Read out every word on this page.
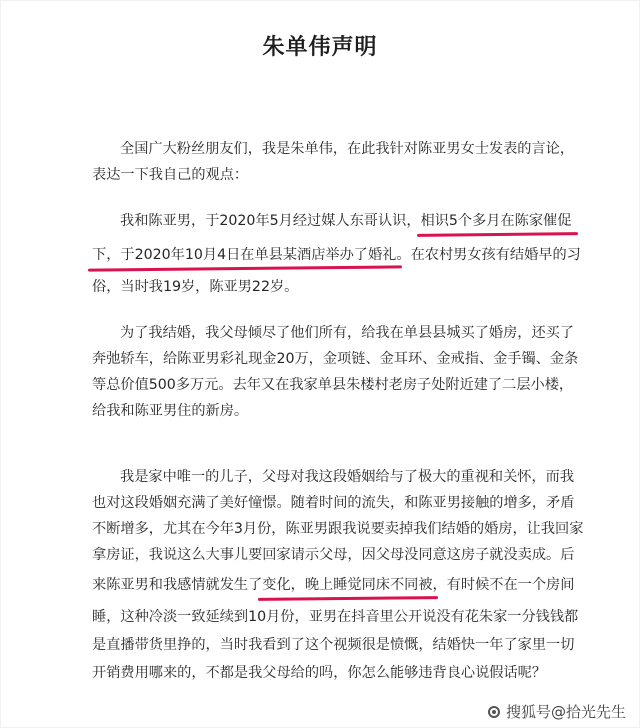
朱单伟声明
全国广大粉丝朋友们，我是朱单伟，在此我针对陈亚男女士发表的言论，
表达一下我自己的观点：
我和陈亚男，于2020年5月经过媒人东哥认识，相识5个多月在陈家催促
下，于2020年10月4日在单县某酒店举办了婚礼。在农村男女孩有结婚早的习
俗，当时我19岁，陈亚男22岁。
为了我结婚，我父母倾尽了他们所有，给我在单县县城买了婚房，还买了
奔弛轿车，给陈亚男彩礼现金20万，金项链、金耳环、金戒指、金手镯、金条
等总价值500多万元。去年又在我家单县朱楼村老房子处附近建了二层小楼，
给我和陈亚男住的新房。
我是家中唯一的儿子，父母对我这段婚姻给与了极大的重视和关怀，而我
也对这段婚姻充满了美好憧憬。随着时间的流失，和陈亚男接触的增多，矛盾
不断增多，尤其在今年3月份，陈亚男跟我说要卖掉我们结婚的婚房，让我回家
拿房证，我说这么大事儿要回家请示父母，因父母没同意这房子就没卖成。后
来陈亚男和我感情就发生了变化，晚上睡觉同床不同被，有时候不在一个房间
睡，这种冷淡一致延续到10月份，亚男在抖音里公开说没有花朱家一分钱钱都
是直播带货里挣的，当时我看到了这个视频很是愤慨，结婚快一年了家里一切
开销费用哪来的，不都是我父母给的吗，你怎么能够违背良心说假话呢？
搜狐号@拾光先生
